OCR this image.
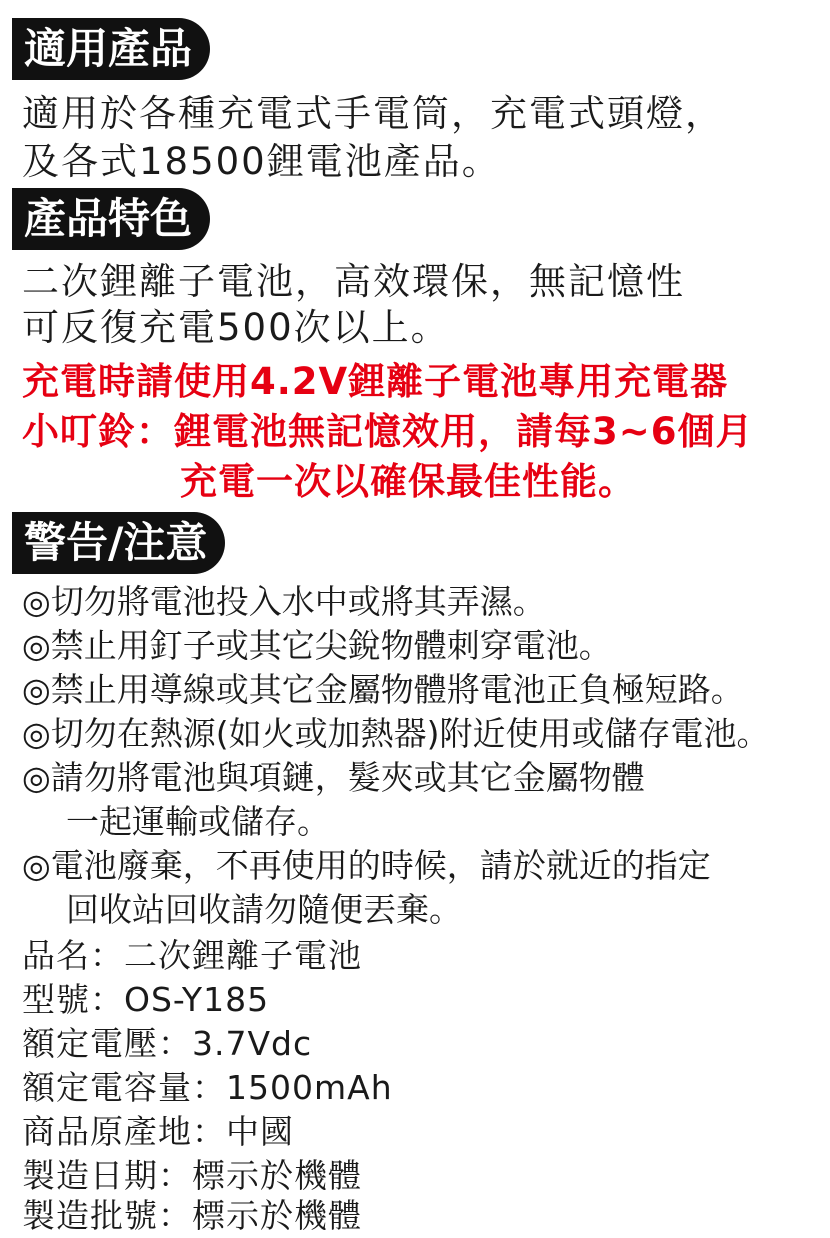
適用產品

適用於各種充電式手電筒，充電式頭燈，

及各式18500鋰電池產品。

產品特色

二次鋰離子電池，高效環保，無記憶性

可反復充電500次以上。

充電時請使用4.2V鋰離子電池專用充電器

小叮鈴：鋰電池無記憶效用，請每3~6個月

充電一次以確保最佳性能。

警告/注意

◎切勿將電池投入水中或將其弄濕。

◎禁止用釘子或其它尖銳物體刺穿電池。

◎禁止用導線或其它金屬物體將電池正負極短路。

◎切勿在熱源(如火或加熱器)附近使用或儲存電池。

◎請勿將電池與項鏈，髮夾或其它金屬物體

一起運輸或儲存。

◎電池廢棄，不再使用的時候，請於就近的指定

回收站回收請勿隨便丟棄。

品名：二次鋰離子電池

型號：OS-Y185

額定電壓：3.7Vdc

額定電容量：1500mAh

商品原產地：中國

製造日期：標示於機體

製造批號：標示於機體
